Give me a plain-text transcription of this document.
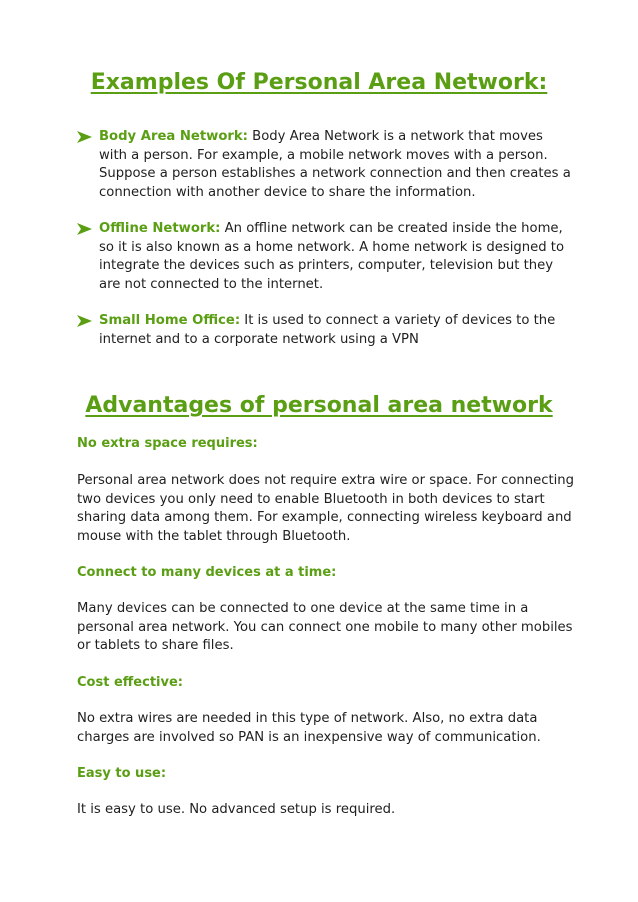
Examples Of Personal Area Network:
Body Area Network: Body Area Network is a network that moves with a person. For example, a mobile network moves with a person. Suppose a person establishes a network connection and then creates a connection with another device to share the information.
Offline Network: An offline network can be created inside the home, so it is also known as a home network. A home network is designed to integrate the devices such as printers, computer, television but they are not connected to the internet.
Small Home Office: It is used to connect a variety of devices to the internet and to a corporate network using a VPN
Advantages of personal area network
No extra space requires:

Personal area network does not require extra wire or space. For connecting two devices you only need to enable Bluetooth in both devices to start sharing data among them. For example, connecting wireless keyboard and mouse with the tablet through Bluetooth.

Connect to many devices at a time:

Many devices can be connected to one device at the same time in a personal area network. You can connect one mobile to many other mobiles or tablets to share files.

Cost effective:

No extra wires are needed in this type of network. Also, no extra data charges are involved so PAN is an inexpensive way of communication.

Easy to use:

It is easy to use. No advanced setup is required.
